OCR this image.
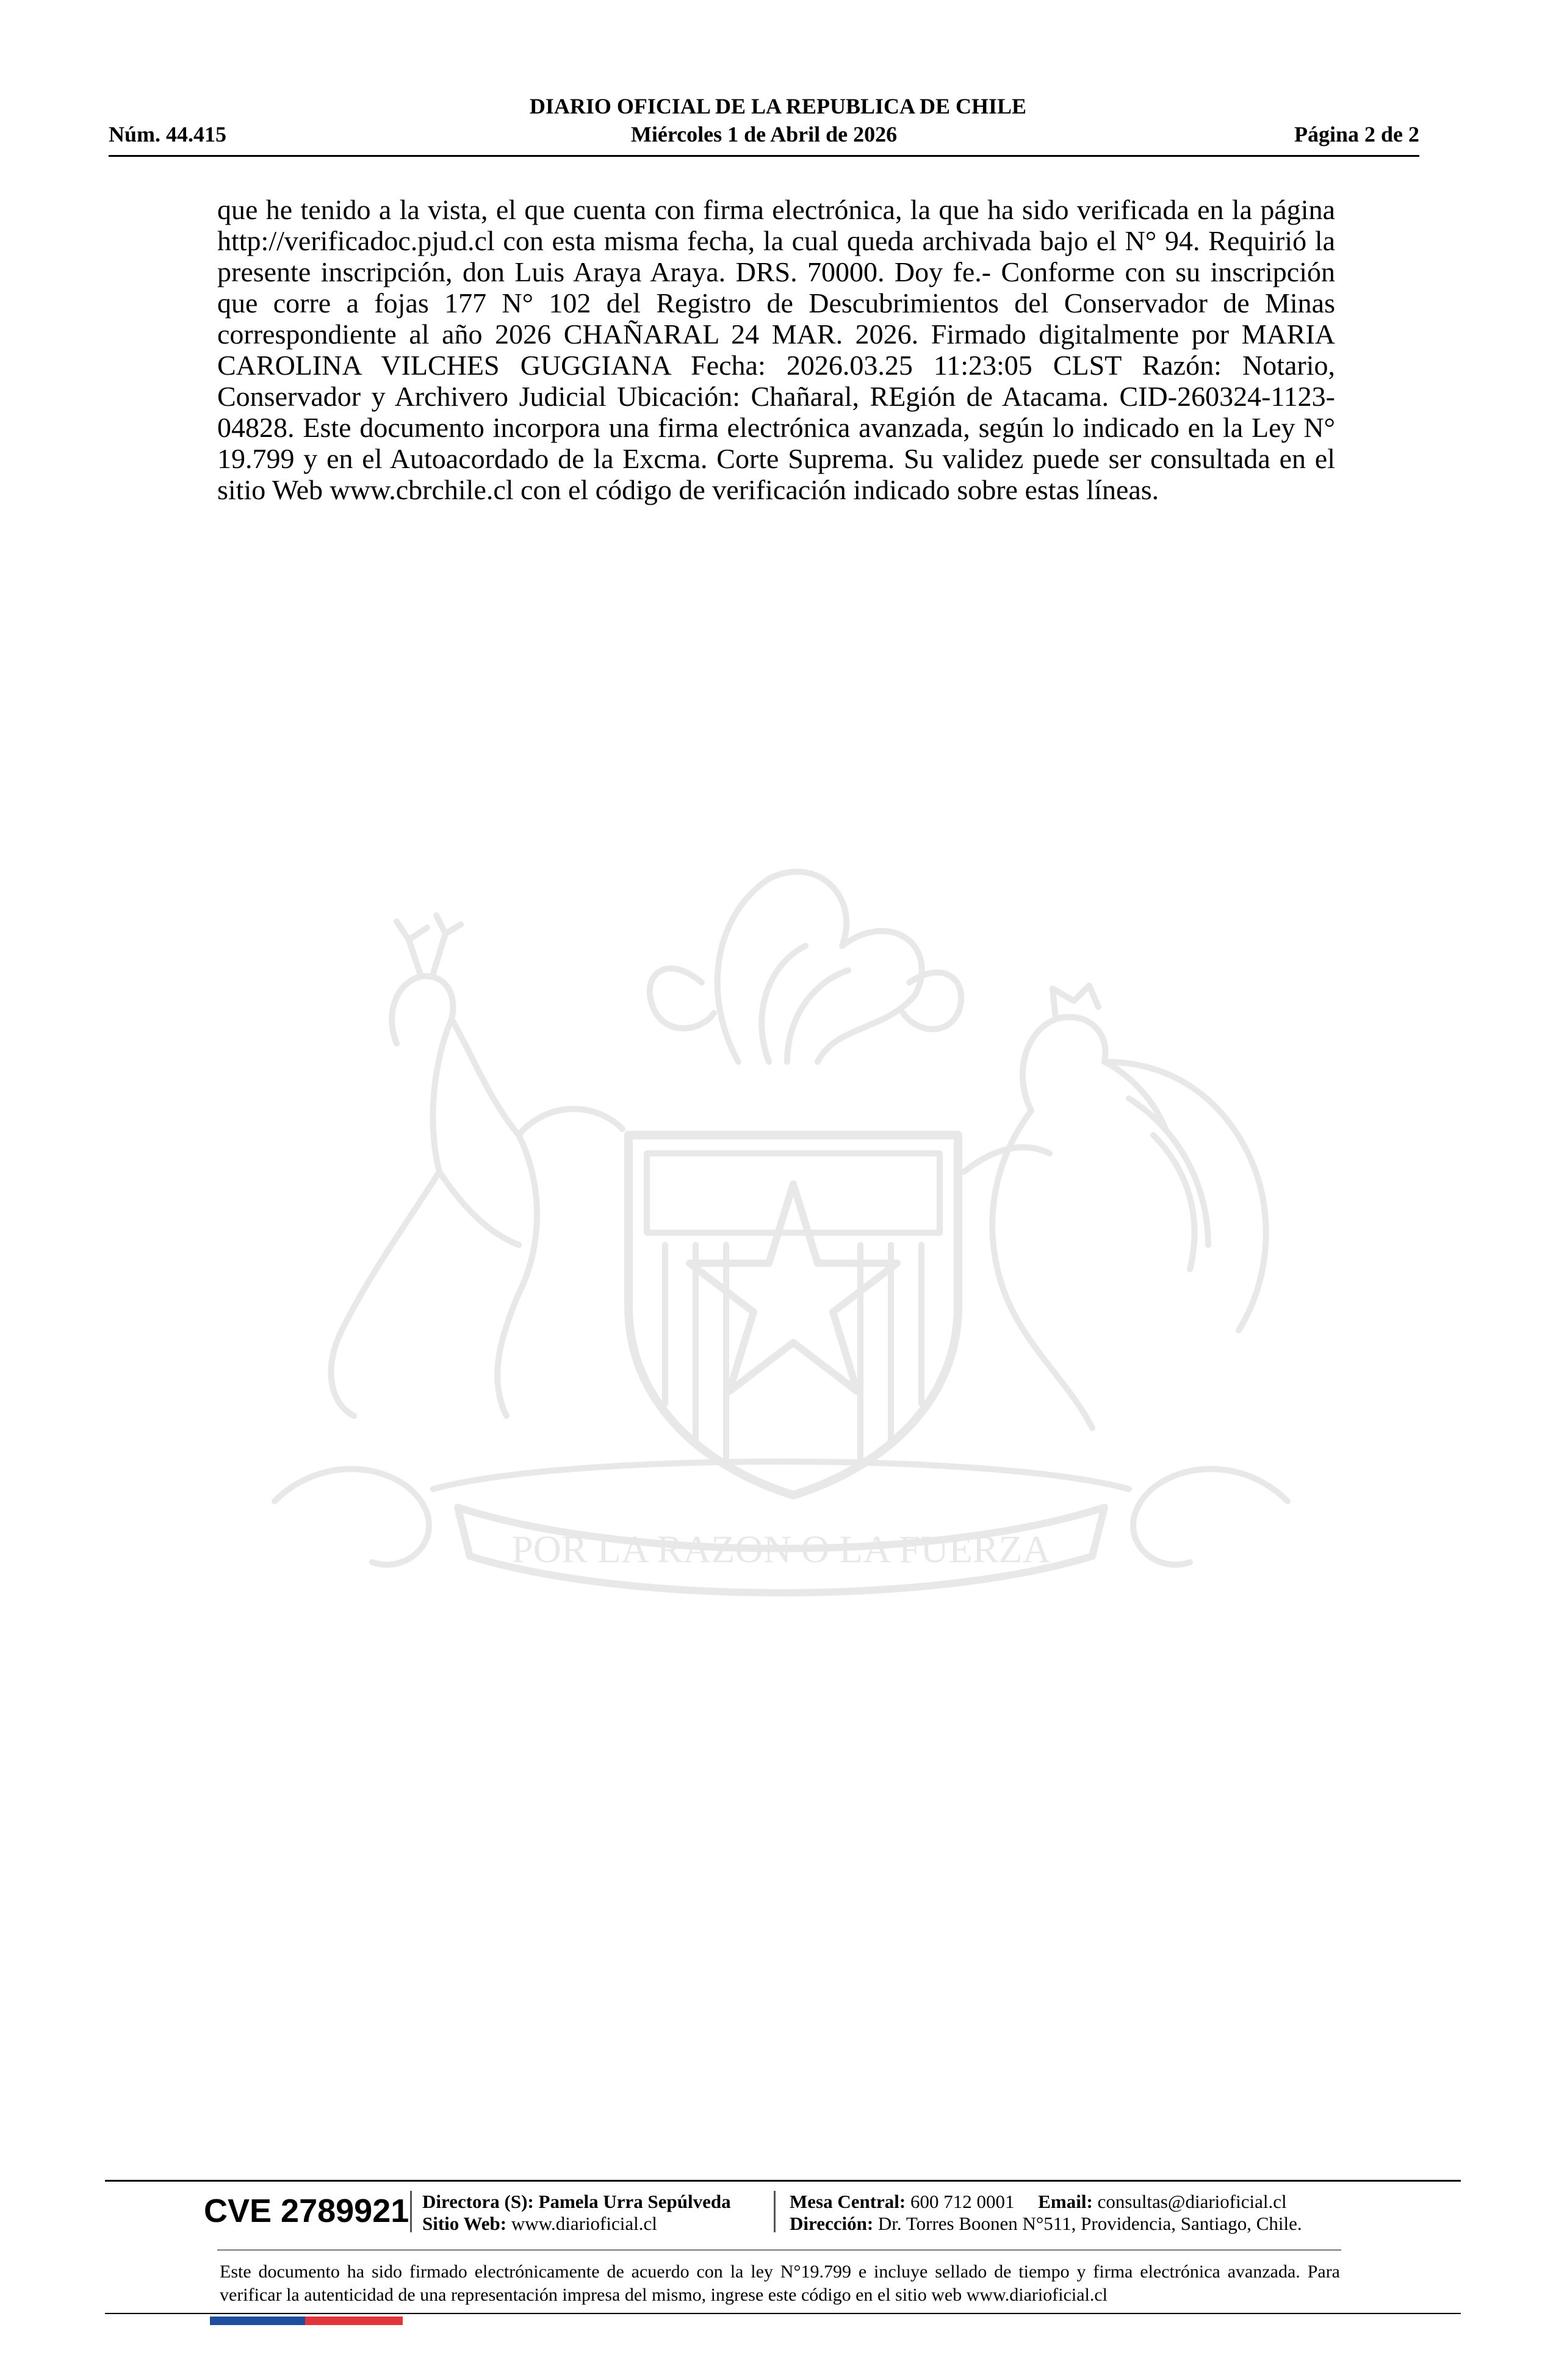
DIARIO OFICIAL DE LA REPUBLICA DE CHILE
Miércoles 1 de Abril de 2026
Núm. 44.415	Página 2 de 2
que he tenido a la vista, el que cuenta con firma electrónica, la que ha sido verificada en la página http://verificadoc.pjud.cl con esta misma fecha, la cual queda archivada bajo el N° 94. Requirió la presente inscripción, don Luis Araya Araya. DRS. 70000. Doy fe.- Conforme con su inscripción que corre a fojas 177 N° 102 del Registro de Descubrimientos del Conservador de Minas correspondiente al año 2026 CHAÑARAL 24 MAR. 2026. Firmado digitalmente por MARIA CAROLINA VILCHES GUGGIANA Fecha: 2026.03.25 11:23:05 CLST Razón: Notario, Conservador y Archivero Judicial Ubicación: Chañaral, REgión de Atacama. CID-260324-1123-04828. Este documento incorpora una firma electrónica avanzada, según lo indicado en la Ley N° 19.799 y en el Autoacordado de la Excma. Corte Suprema. Su validez puede ser consultada en el sitio Web www.cbrchile.cl con el código de verificación indicado sobre estas líneas.
POR LA RAZON O LA FUERZA
CVE 2789921 Directora (S): Pamela Urra Sepúlveda
Sitio Web: www.diarioficial.cl
Mesa Central: 600 712 0001 Email: consultas@diarioficial.cl
Dirección: Dr. Torres Boonen N°511, Providencia, Santiago, Chile.
Este documento ha sido firmado electrónicamente de acuerdo con la ley N°19.799 e incluye sellado de tiempo y firma electrónica avanzada. Para verificar la autenticidad de una representación impresa del mismo, ingrese este código en el sitio web www.diarioficial.cl
